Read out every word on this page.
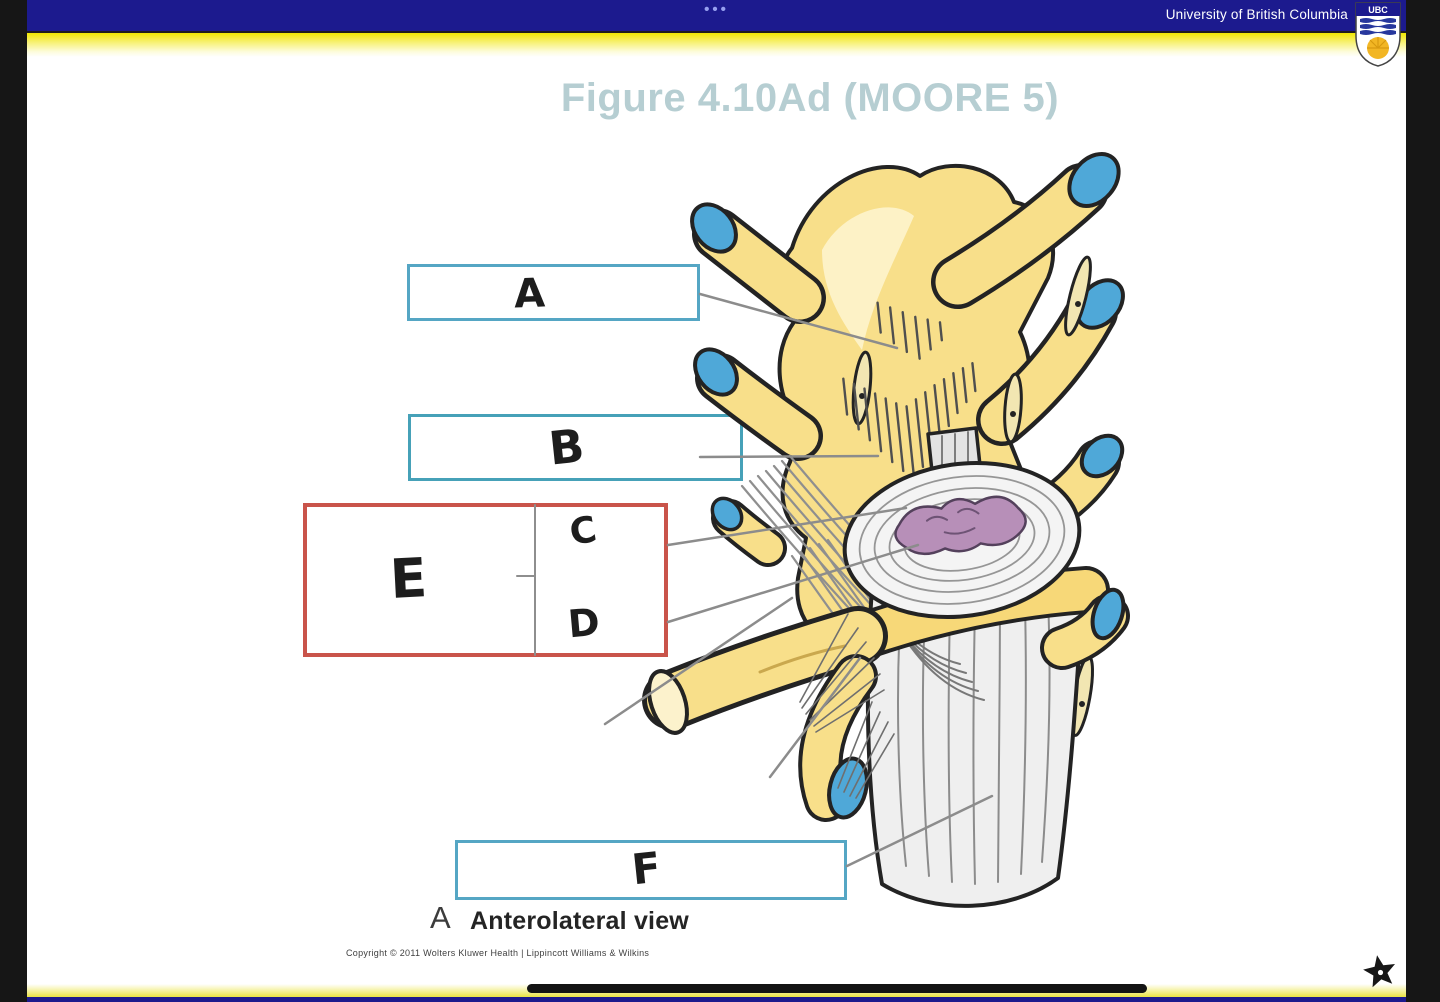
•••	University of British Columbia UBC
Figure 4.10Ad (MOORE 5)
A
B
C
D
E
F
A Anterolateral view
Copyright © 2011 Wolters Kluwer Health | Lippincott Williams & Wilkins
